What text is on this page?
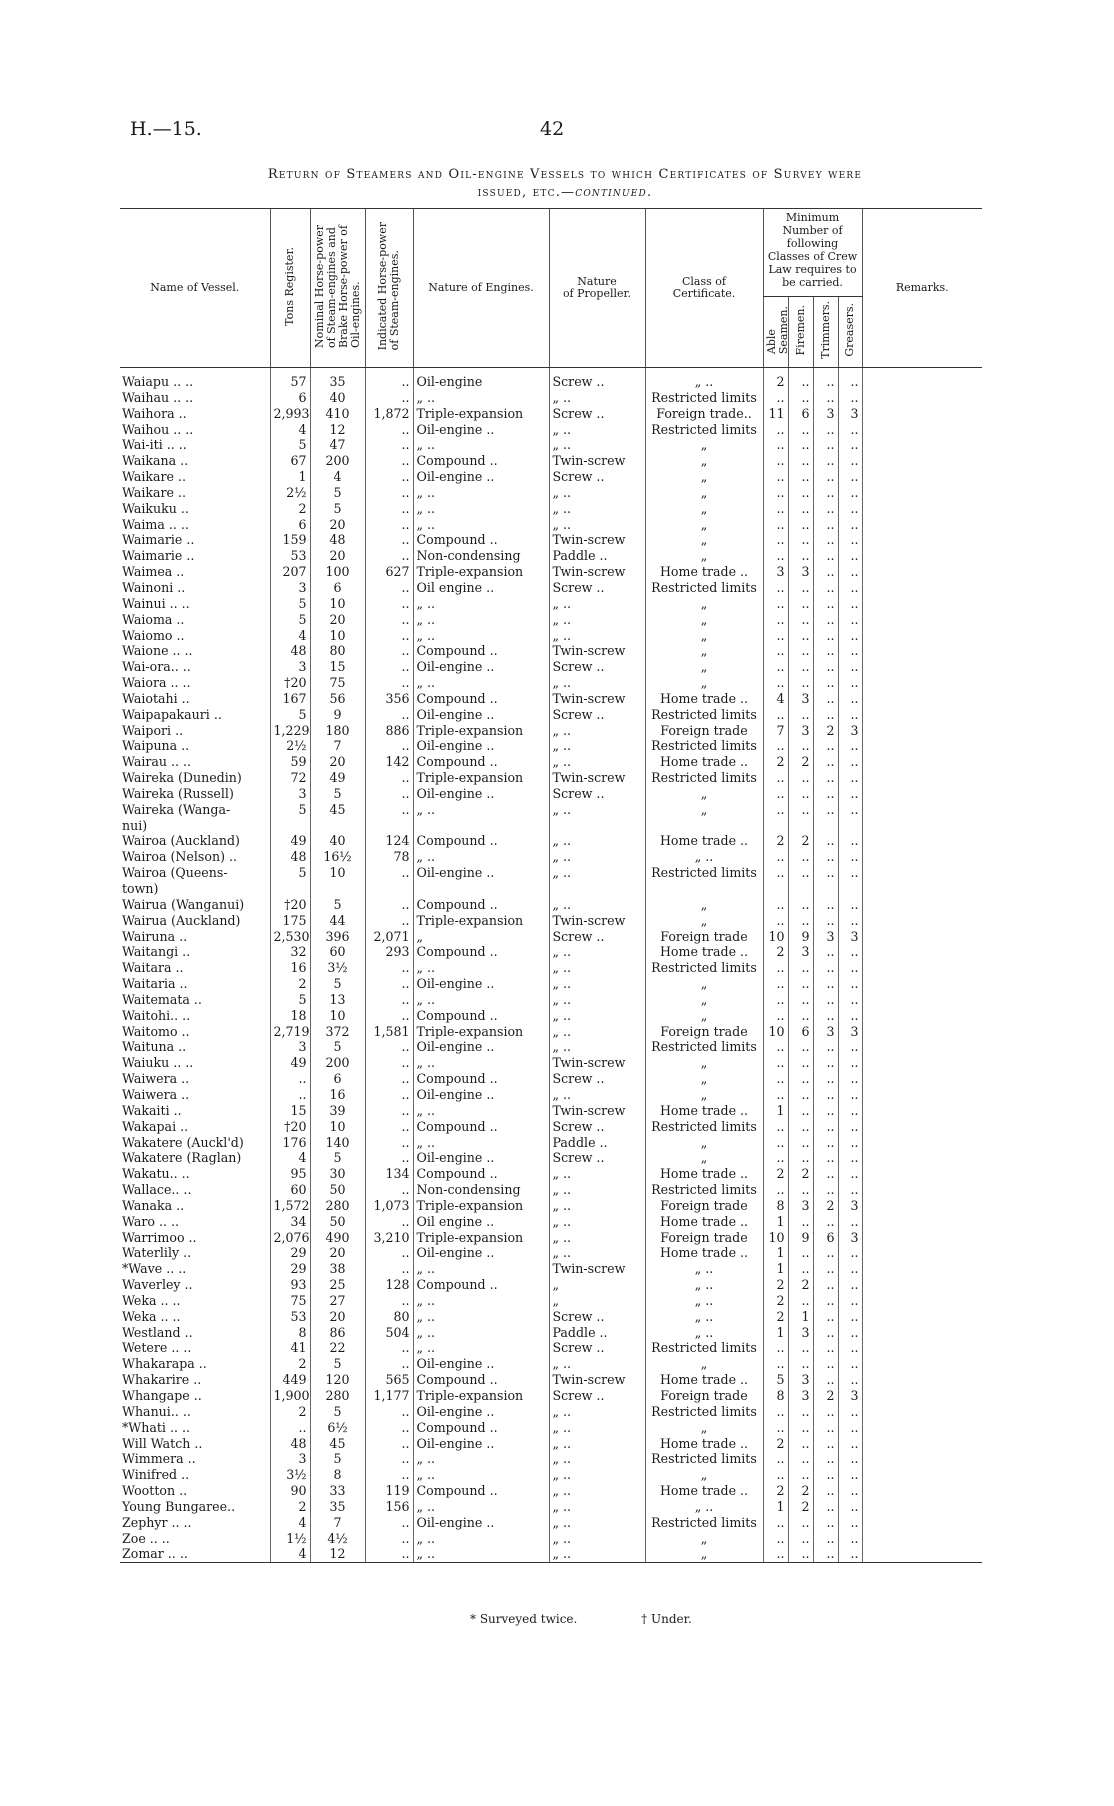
H.—15.	42
Return of Steamers and Oil-engine Vessels to which Certificates of Survey were
issued, etc.—continued.
Name of Vessel.	Tons Register.	Nominal Horse-power
of Steam-engines and
Brake Horse-power of
Oil-engines.	Indicated Horse-power
of Steam-engines.	Nature of Engines.	Nature
of Propeller.	Class of
Certificate.	Minimum Number of following Classes of Crew Law requires to be carried.				Remarks.
							Able
Seamen.	Firemen.	Trimmers.	Greasers.	
Waiapu .. ..	57	35	..	Oil-engine	Screw ..	„ ..	2	..	..	..	
Waihau .. ..	6	40	..	„ ..	„ ..	Restricted limits	..	..	..	..	
Waihora ..	2,993	410	1,872	Triple-expansion	Screw ..	Foreign trade..	11	6	3	3	
Waihou .. ..	4	12	..	Oil-engine ..	„ ..	Restricted limits	..	..	..	..	
Wai-iti .. ..	5	47	..	„ ..	„ ..	„	..	..	..	..	
Waikana ..	67	200	..	Compound ..	Twin-screw	„	..	..	..	..	
Waikare ..	1	4	..	Oil-engine ..	Screw ..	„	..	..	..	..	
Waikare ..	2½	5	..	„ ..	„ ..	„	..	..	..	..	
Waikuku ..	2	5	..	„ ..	„ ..	„	..	..	..	..	
Waima .. ..	6	20	..	„ ..	„ ..	„	..	..	..	..	
Waimarie ..	159	48	..	Compound ..	Twin-screw	„	..	..	..	..	
Waimarie ..	53	20	..	Non-condensing	Paddle ..	„	..	..	..	..	
Waimea ..	207	100	627	Triple-expansion	Twin-screw	Home trade ..	3	3	..	..	
Wainoni ..	3	6	..	Oil engine ..	Screw ..	Restricted limits	..	..	..	..	
Wainui .. ..	5	10	..	„ ..	„ ..	„	..	..	..	..	
Waioma ..	5	20	..	„ ..	„ ..	„	..	..	..	..	
Waiomo ..	4	10	..	„ ..	„ ..	„	..	..	..	..	
Waione .. ..	48	80	..	Compound ..	Twin-screw	„	..	..	..	..	
Wai-ora.. ..	3	15	..	Oil-engine ..	Screw ..	„	..	..	..	..	
Waiora .. ..	†20	75	..	„ ..	„ ..	„	..	..	..	..	
Waiotahi ..	167	56	356	Compound ..	Twin-screw	Home trade ..	4	3	..	..	
Waipapakauri ..	5	9	..	Oil-engine ..	Screw ..	Restricted limits	..	..	..	..	
Waipori ..	1,229	180	886	Triple-expansion	„ ..	Foreign trade	7	3	2	3	
Waipuna ..	2½	7	..	Oil-engine ..	„ ..	Restricted limits	..	..	..	..	
Wairau .. ..	59	20	142	Compound ..	„ ..	Home trade ..	2	2	..	..	
Waireka (Dunedin)	72	49	..	Triple-expansion	Twin-screw	Restricted limits	..	..	..	..	
Waireka (Russell)	3	5	..	Oil-engine ..	Screw ..	„	..	..	..	..	
Waireka (Wanga-	5	45	..	„ ..	„ ..	„	..	..	..	..	
nui)											
Wairoa (Auckland)	49	40	124	Compound ..	„ ..	Home trade ..	2	2	..	..	
Wairoa (Nelson) ..	48	16½	78	„ ..	„ ..	„ ..	..	..	..	..	
Wairoa (Queens-	5	10	..	Oil-engine ..	„ ..	Restricted limits	..	..	..	..	
town)											
Wairua (Wanganui)	†20	5	..	Compound ..	„ ..	„	..	..	..	..	
Wairua (Auckland)	175	44	..	Triple-expansion	Twin-screw	„	..	..	..	..	
Wairuna ..	2,530	396	2,071	„	Screw ..	Foreign trade	10	9	3	3	
Waitangi ..	32	60	293	Compound ..	„ ..	Home trade ..	2	3	..	..	
Waitara ..	16	3½	..	„ ..	„ ..	Restricted limits	..	..	..	..	
Waitaria ..	2	5	..	Oil-engine ..	„ ..	„	..	..	..	..	
Waitemata ..	5	13	..	„ ..	„ ..	„	..	..	..	..	
Waitohi.. ..	18	10	..	Compound ..	„ ..	„	..	..	..	..	
Waitomo ..	2,719	372	1,581	Triple-expansion	„ ..	Foreign trade	10	6	3	3	
Waituna ..	3	5	..	Oil-engine ..	„ ..	Restricted limits	..	..	..	..	
Waiuku .. ..	49	200	..	„ ..	Twin-screw	„	..	..	..	..	
Waiwera ..	..	6	..	Compound ..	Screw ..	„	..	..	..	..	
Waiwera ..	..	16	..	Oil-engine ..	„ ..	„	..	..	..	..	
Wakaiti ..	15	39	..	„ ..	Twin-screw	Home trade ..	1	..	..	..	
Wakapai ..	†20	10	..	Compound ..	Screw ..	Restricted limits	..	..	..	..	
Wakatere (Auckl'd)	176	140	..	„ ..	Paddle ..	„	..	..	..	..	
Wakatere (Raglan)	4	5	..	Oil-engine ..	Screw ..	„	..	..	..	..	
Wakatu.. ..	95	30	134	Compound ..	„ ..	Home trade ..	2	2	..	..	
Wallace.. ..	60	50	..	Non-condensing	„ ..	Restricted limits	..	..	..	..	
Wanaka ..	1,572	280	1,073	Triple-expansion	„ ..	Foreign trade	8	3	2	3	
Waro .. ..	34	50	..	Oil engine ..	„ ..	Home trade ..	1	..	..	..	
Warrimoo ..	2,076	490	3,210	Triple-expansion	„ ..	Foreign trade	10	9	6	3	
Waterlily ..	29	20	..	Oil-engine ..	„ ..	Home trade ..	1	..	..	..	
*Wave .. ..	29	38	..	„ ..	Twin-screw	„ ..	1	..	..	..	
Waverley ..	93	25	128	Compound ..	„	„ ..	2	2	..	..	
Weka .. ..	75	27	..	„ ..	„	„ ..	2	..	..	..	
Weka .. ..	53	20	80	„ ..	Screw ..	„ ..	2	1	..	..	
Westland ..	8	86	504	„ ..	Paddle ..	„ ..	1	3	..	..	
Wetere .. ..	41	22	..	„ ..	Screw ..	Restricted limits	..	..	..	..	
Whakarapa ..	2	5	..	Oil-engine ..	„ ..	„	..	..	..	..	
Whakarire ..	449	120	565	Compound ..	Twin-screw	Home trade ..	5	3	..	..	
Whangape ..	1,900	280	1,177	Triple-expansion	Screw ..	Foreign trade	8	3	2	3	
Whanui.. ..	2	5	..	Oil-engine ..	„ ..	Restricted limits	..	..	..	..	
*Whati .. ..	..	6½	..	Compound ..	„ ..	„	..	..	..	..	
Will Watch ..	48	45	..	Oil-engine ..	„ ..	Home trade ..	2	..	..	..	
Wimmera ..	3	5	..	„ ..	„ ..	Restricted limits	..	..	..	..	
Winifred ..	3½	8	..	„ ..	„ ..	„	..	..	..	..	
Wootton ..	90	33	119	Compound ..	„ ..	Home trade ..	2	2	..	..	
Young Bungaree..	2	35	156	„ ..	„ ..	„ ..	1	2	..	..	
Zephyr .. ..	4	7	..	Oil-engine ..	„ ..	Restricted limits	..	..	..	..	
Zoe .. ..	1½	4½	..	„ ..	„ ..	„	..	..	..	..	
Zomar .. ..	4	12	..	„ ..	„ ..	„	..	..	..	..	
* Surveyed twice.	† Under.
